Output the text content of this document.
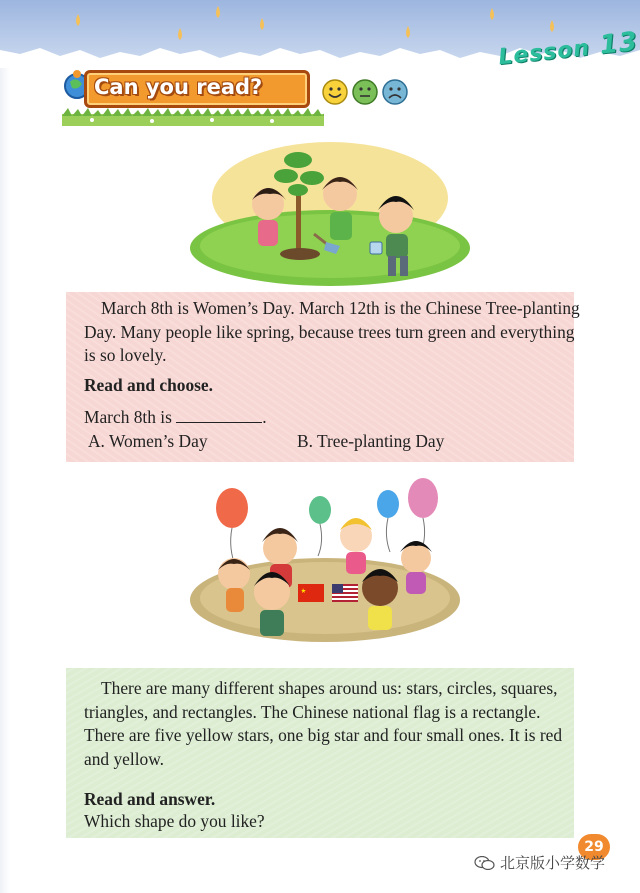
Lesson 13
Can you read?

March 8th is Women’s Day. March 12th is the Chinese Tree-planting Day. Many people like spring, because trees turn green and everything is so lovely.

Read and choose.
March 8th is	.
A. Women’s Day	B. Tree-planting Day

There are many different shapes around us: stars, circles, squares, triangles, and rectangles. The Chinese national flag is a rectangle. There are five yellow stars, one big star and four small ones. It is red and yellow.

Read and answer.
Which shape do you like?
29
北京版小学数学
